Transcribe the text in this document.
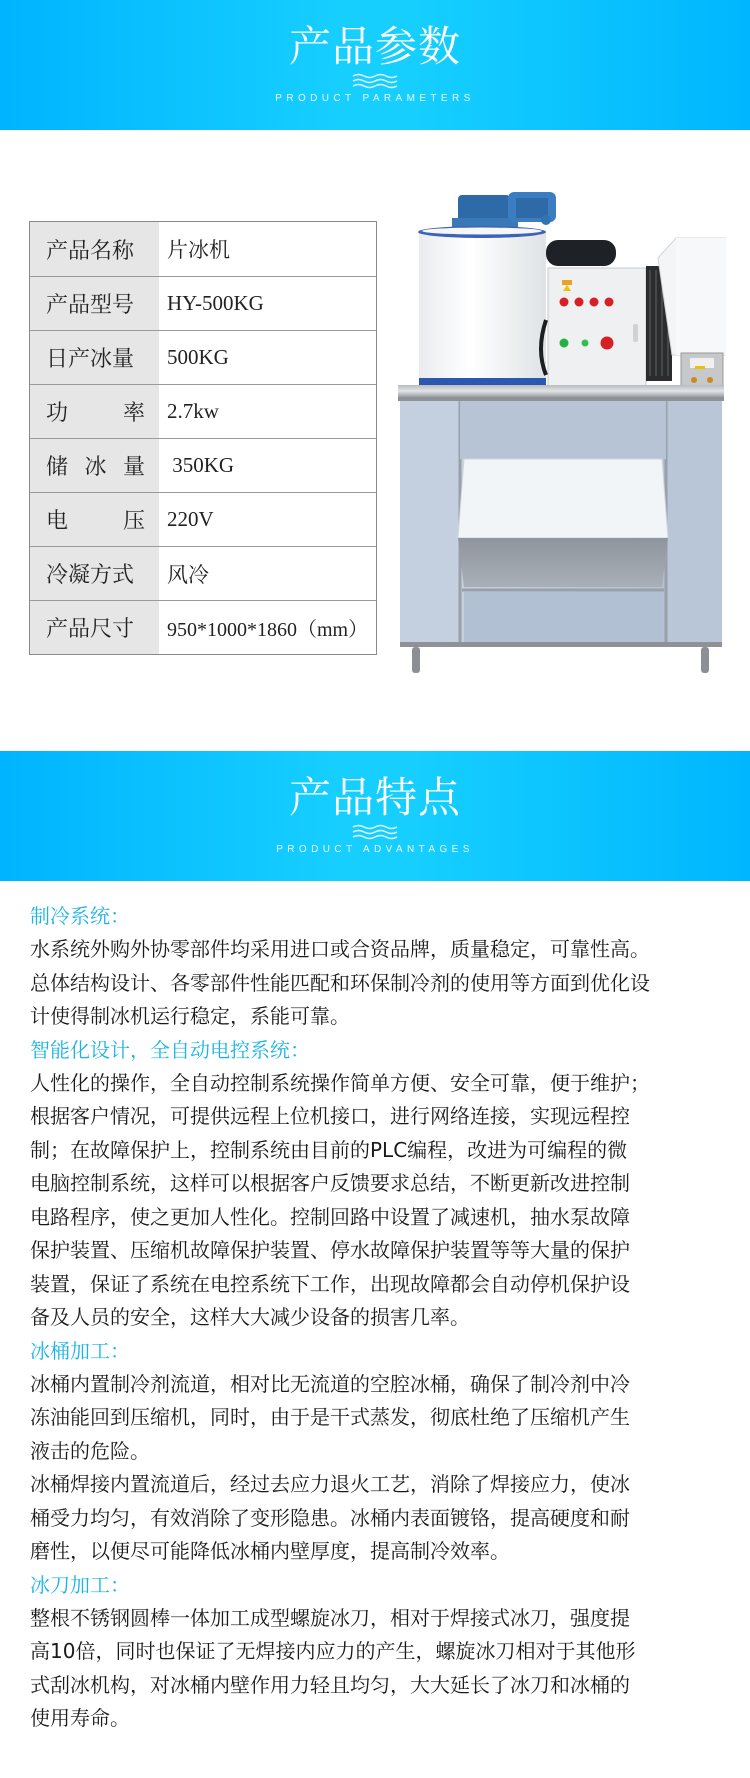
产品参数
PRODUCT PARAMETERS
产品名称	片冰机
产品型号	HY-500KG
日产冰量	500KG
功 率	2.7kw
储 冰 量	350KG
电 压	220V
冷凝方式	风冷
产品尺寸	950*1000*1860（mm）
产品特点
PRODUCT ADVANTAGES
制冷系统：
水系统外购外协零部件均采用进口或合资品牌，质量稳定，可靠性高。
总体结构设计、各零部件性能匹配和环保制冷剂的使用等方面到优化设
计使得制冰机运行稳定，系能可靠。
智能化设计，全自动电控系统：
人性化的操作，全自动控制系统操作简单方便、安全可靠，便于维护；
根据客户情况，可提供远程上位机接口，进行网络连接，实现远程控
制；在故障保护上，控制系统由目前的PLC编程，改进为可编程的微
电脑控制系统，这样可以根据客户反馈要求总结，不断更新改进控制
电路程序，使之更加人性化。控制回路中设置了减速机，抽水泵故障
保护装置、压缩机故障保护装置、停水故障保护装置等等大量的保护
装置，保证了系统在电控系统下工作，出现故障都会自动停机保护设
备及人员的安全，这样大大减少设备的损害几率。
冰桶加工：
冰桶内置制冷剂流道，相对比无流道的空腔冰桶，确保了制冷剂中冷
冻油能回到压缩机，同时，由于是干式蒸发，彻底杜绝了压缩机产生
液击的危险。
冰桶焊接内置流道后，经过去应力退火工艺，消除了焊接应力，使冰
桶受力均匀，有效消除了变形隐患。冰桶内表面镀铬，提高硬度和耐
磨性，以便尽可能降低冰桶内壁厚度，提高制冷效率。
冰刀加工：
整根不锈钢圆棒一体加工成型螺旋冰刀，相对于焊接式冰刀，强度提
高10倍，同时也保证了无焊接内应力的产生，螺旋冰刀相对于其他形
式刮冰机构，对冰桶内壁作用力轻且均匀，大大延长了冰刀和冰桶的
使用寿命。
